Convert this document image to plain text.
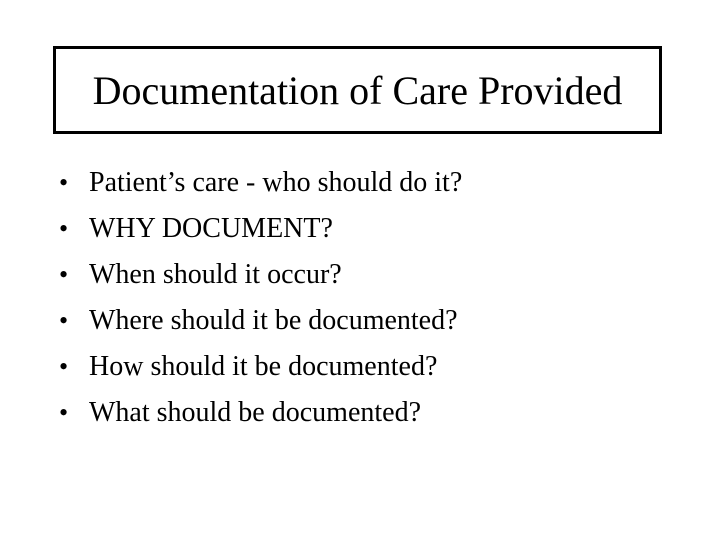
Documentation of Care Provided
• Patient’s care - who should do it?
• WHY DOCUMENT?
• When should it occur?
• Where should it be documented?
• How should it be documented?
• What should be documented?
